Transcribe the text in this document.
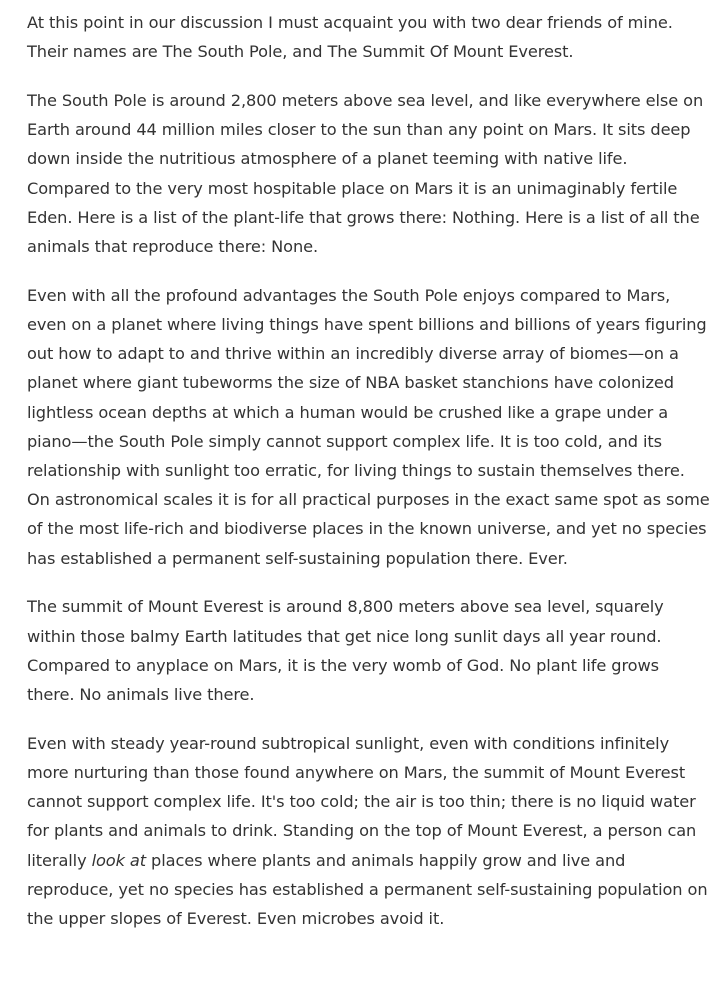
At this point in our discussion I must acquaint you with two dear friends of mine. Their names are The South Pole, and The Summit Of Mount Everest.

The South Pole is around 2,800 meters above sea level, and like everywhere else on Earth around 44 million miles closer to the sun than any point on Mars. It sits deep down inside the nutritious atmosphere of a planet teeming with native life. Compared to the very most hospitable place on Mars it is an unimaginably fertile Eden. Here is a list of the plant-life that grows there: Nothing. Here is a list of all the animals that reproduce there: None.

Even with all the profound advantages the South Pole enjoys compared to Mars, even on a planet where living things have spent billions and billions of years figuring out how to adapt to and thrive within an incredibly diverse array of biomes—on a planet where giant tubeworms the size of NBA basket stanchions have colonized lightless ocean depths at which a human would be crushed like a grape under a piano—the South Pole simply cannot support complex life. It is too cold, and its relationship with sunlight too erratic, for living things to sustain themselves there. On astronomical scales it is for all practical purposes in the exact same spot as some of the most life-rich and biodiverse places in the known universe, and yet no species has established a permanent self-sustaining population there. Ever.

The summit of Mount Everest is around 8,800 meters above sea level, squarely within those balmy Earth latitudes that get nice long sunlit days all year round. Compared to anyplace on Mars, it is the very womb of God. No plant life grows there. No animals live there.

Even with steady year-round subtropical sunlight, even with conditions infinitely more nurturing than those found anywhere on Mars, the summit of Mount Everest cannot support complex life. It's too cold; the air is too thin; there is no liquid water for plants and animals to drink. Standing on the top of Mount Everest, a person can literally look at places where plants and animals happily grow and live and reproduce, yet no species has established a permanent self-sustaining population on the upper slopes of Everest. Even microbes avoid it.
